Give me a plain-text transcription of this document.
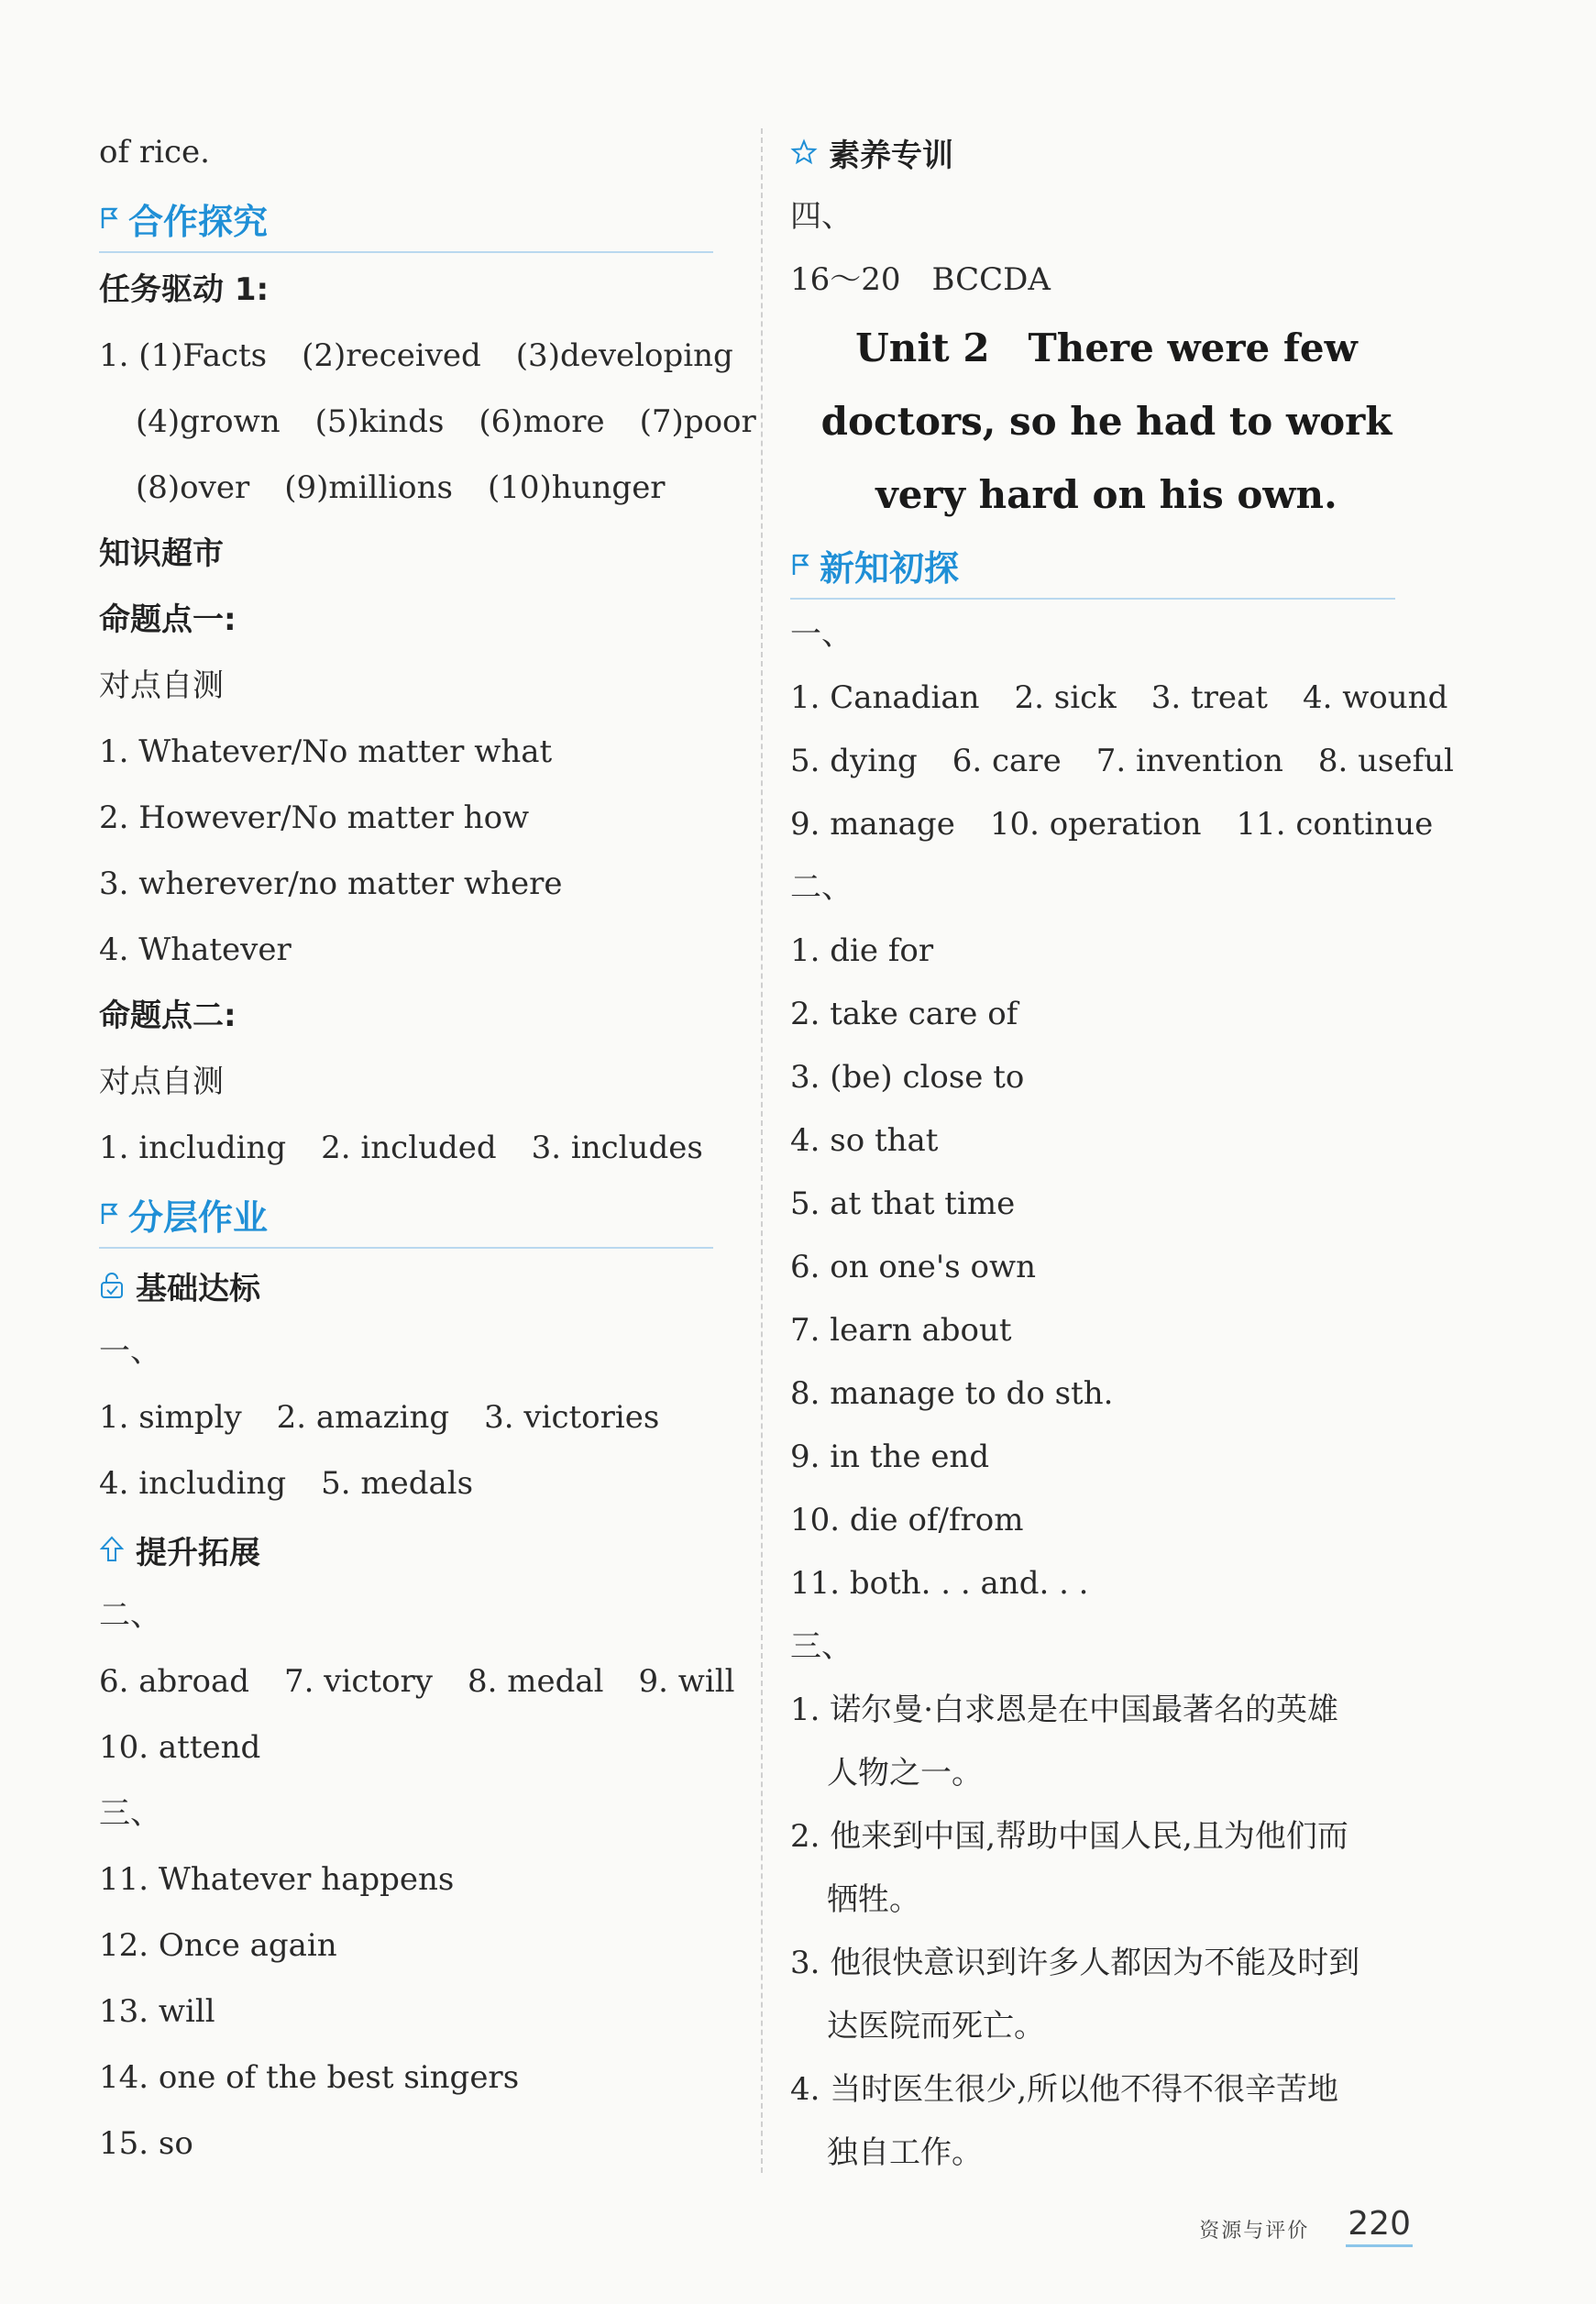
of rice.
合作探究
任务驱动 1:
1. (1)Facts (2)received (3)developing
(4)grown (5)kinds (6)more (7)poor
(8)over (9)millions (10)hunger
知识超市
命题点一:
对点自测
1. Whatever/No matter what
2. However/No matter how
3. wherever/no matter where
4. Whatever
命题点二:
对点自测
1. including 2. included 3. includes
分层作业
基础达标
一、
1. simply 2. amazing 3. victories
4. including 5. medals
提升拓展
二、
6. abroad 7. victory 8. medal 9. will
10. attend
三、
11. Whatever happens
12. Once again
13. will
14. one of the best singers
15. so
素养专训
四、
16～20　BCCDA
Unit 2　There were few
doctors, so he had to work
very hard on his own.
新知初探
一、
1. Canadian 2. sick 3. treat 4. wound
5. dying 6. care 7. invention 8. useful
9. manage 10. operation 11. continue
二、
1. die for
2. take care of
3. (be) close to
4. so that
5. at that time
6. on one's own
7. learn about
8. manage to do sth.
9. in the end
10. die of/from
11. both. . . and. . .
三、
1. 诺尔曼·白求恩是在中国最著名的英雄
人物之一。
2. 他来到中国,帮助中国人民,且为他们而
牺牲。
3. 他很快意识到许多人都因为不能及时到
达医院而死亡。
4. 当时医生很少,所以他不得不很辛苦地
独自工作。
资源与评价 220
